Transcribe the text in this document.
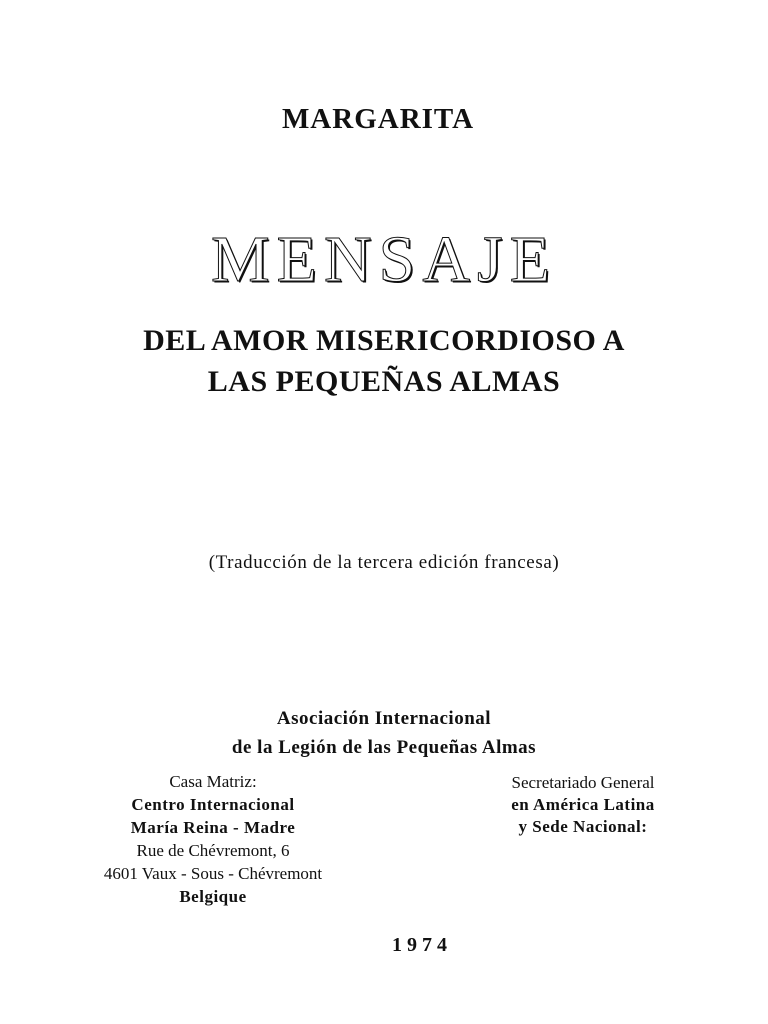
MARGARITA
MENSAJE
DEL AMOR MISERICORDIOSO A
LAS PEQUEÑAS ALMAS
(Traducción de la tercera edición francesa)
Asociación Internacional
de la Legión de las Pequeñas Almas
Casa Matriz:
Centro Internacional
María Reina - Madre
Rue de Chévremont, 6
4601 Vaux - Sous - Chévremont
Belgique
Secretariado General
en América Latina
y Sede Nacional:
1974
